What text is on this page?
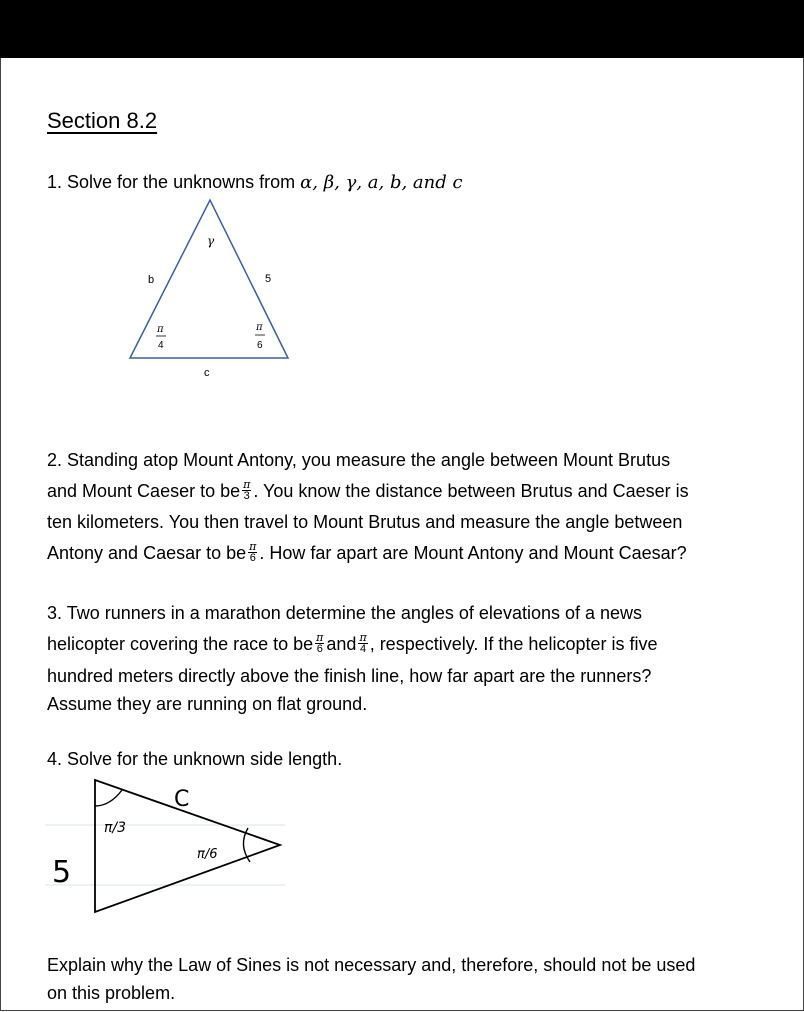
Section 8.2
1. Solve for the unknowns from α, β, γ, a, b, and c
γ
b	5
c
π
4
π
6
C
π/3
π/6
5
2. Standing atop Mount Antony, you measure the angle between Mount Brutus
and Mount Caeser to be $\frac{\pi}{3}$ . You know the distance between Brutus and Caeser is
ten kilometers. You then travel to Mount Brutus and measure the angle between
Antony and Caesar to be $\frac{\pi}{6}$ . How far apart are Mount Antony and Mount Caesar?
3. Two runners in a marathon determine the angles of elevations of a news
helicopter covering the race to be $\frac{\pi}{6}$ and $\frac{\pi}{4}$ , respectively. If the helicopter is five
hundred meters directly above the finish line, how far apart are the runners?
Assume they are running on flat ground.
4. Solve for the unknown side length.
Explain why the Law of Sines is not necessary and, therefore, should not be used
on this problem.
